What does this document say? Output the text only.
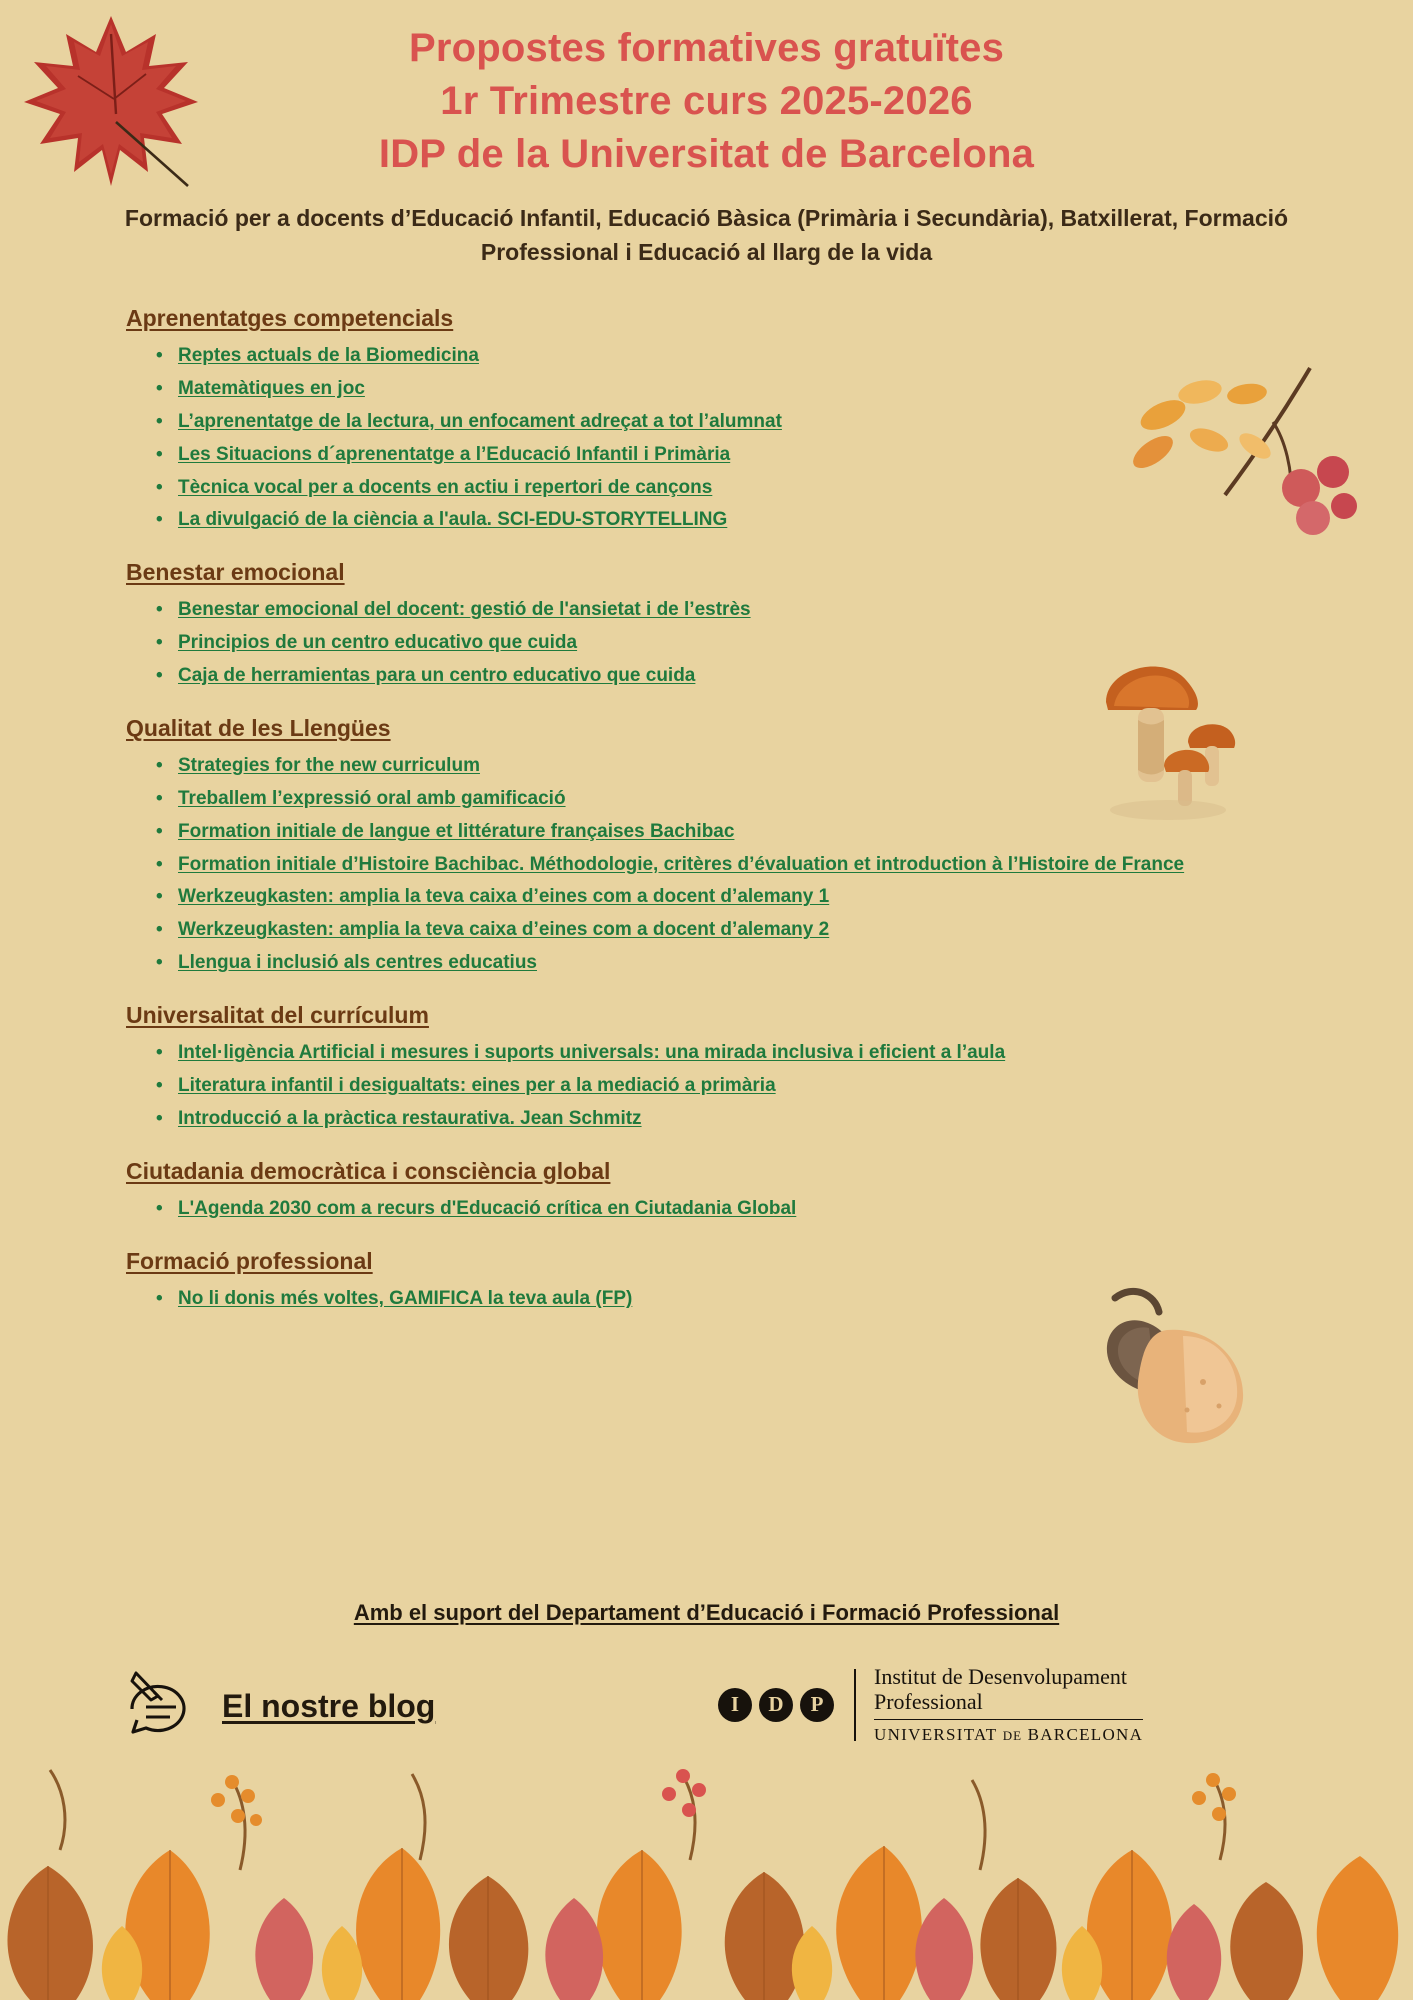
Propostes formatives gratuïtes
1r Trimestre curs 2025-2026
IDP de la Universitat de Barcelona
Formació per a docents d’Educació Infantil, Educació Bàsica (Primària i Secundària), Batxillerat, Formació Professional i Educació al llarg de la vida
Aprenentatges competencials
• Reptes actuals de la Biomedicina
• Matemàtiques en joc
• L’aprenentatge de la lectura, un enfocament adreçat a tot l’alumnat
• Les Situacions d´aprenentatge a l’Educació Infantil i Primària
• Tècnica vocal per a docents en actiu i repertori de cançons
• La divulgació de la ciència a l'aula. SCI-EDU-STORYTELLING
Benestar emocional
• Benestar emocional del docent: gestió de l'ansietat i de l’estrès
• Principios de un centro educativo que cuida
• Caja de herramientas para un centro educativo que cuida
Qualitat de les Llengües
• Strategies for the new curriculum
• Treballem l’expressió oral amb gamificació
• Formation initiale de langue et littérature françaises Bachibac
• Formation initiale d’Histoire Bachibac. Méthodologie, critères d’évaluation et introduction à l’Histoire de France
• Werkzeugkasten: amplia la teva caixa d’eines com a docent d’alemany 1
• Werkzeugkasten: amplia la teva caixa d’eines com a docent d’alemany 2
• Llengua i inclusió als centres educatius
Universalitat del currículum
• Intel·ligència Artificial i mesures i suports universals: una mirada inclusiva i eficient a l’aula
• Literatura infantil i desigualtats: eines per a la mediació a primària
• Introducció a la pràctica restaurativa. Jean Schmitz
Ciutadania democràtica i consciència global
• L'Agenda 2030 com a recurs d'Educació crítica en Ciutadania Global
Formació professional
• No li donis més voltes, GAMIFICA la teva aula (FP)
Amb el suport del Departament d’Educació i Formació Professional
El nostre blog	I	D	P
Institut de Desenvolupament
Professional
UNIVERSITAT DE BARCELONA
